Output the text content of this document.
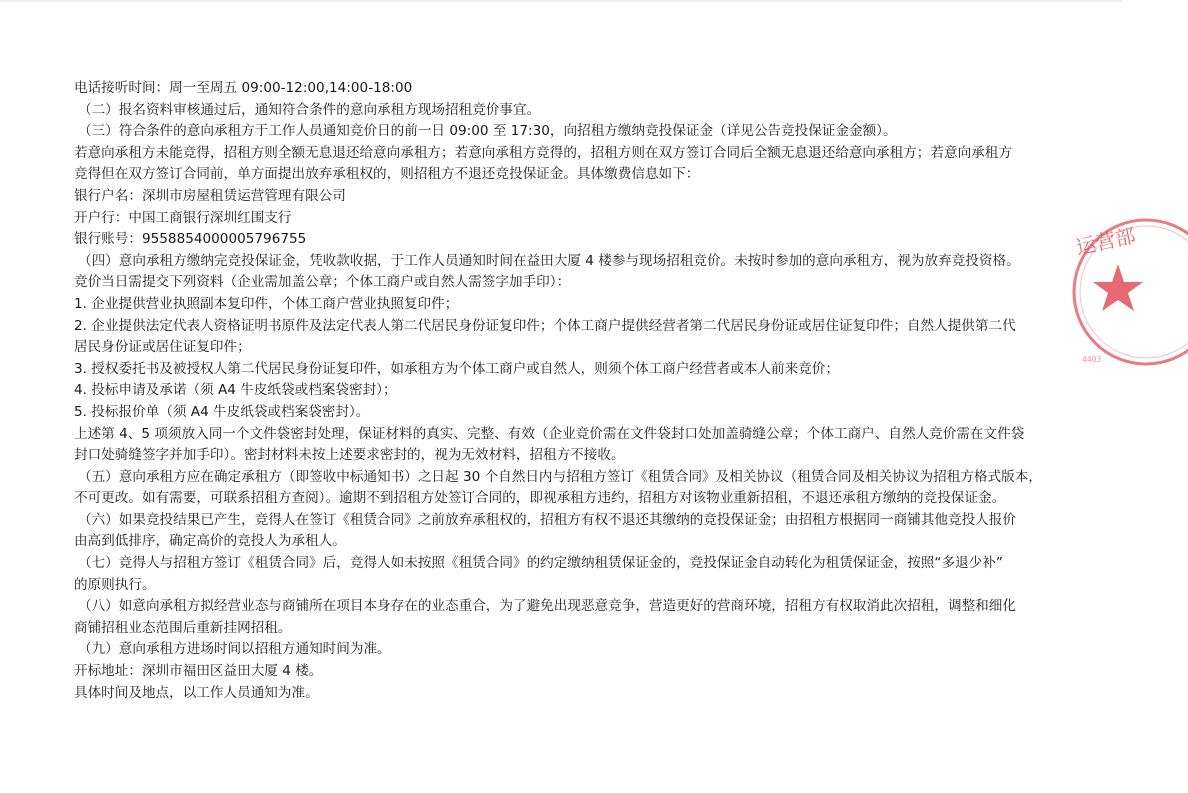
电话接听时间：周一至周五 09:00-12:00,14:00-18:00
（二）报名资料审核通过后，通知符合条件的意向承租方现场招租竞价事宜。
（三）符合条件的意向承租方于工作人员通知竞价日的前一日 09:00 至 17:30，向招租方缴纳竞投保证金（详见公告竞投保证金金额）。
若意向承租方未能竞得，招租方则全额无息退还给意向承租方；若意向承租方竞得的，招租方则在双方签订合同后全额无息退还给意向承租方；若意向承租方
竞得但在双方签订合同前，单方面提出放弃承租权的，则招租方不退还竞投保证金。具体缴费信息如下：
银行户名：深圳市房屋租赁运营管理有限公司
开户行：中国工商银行深圳红围支行
银行账号：9558854000005796755
（四）意向承租方缴纳完竞投保证金，凭收款收据，于工作人员通知时间在益田大厦 4 楼参与现场招租竞价。未按时参加的意向承租方，视为放弃竞投资格。
竞价当日需提交下列资料（企业需加盖公章；个体工商户或自然人需签字加手印）：
1. 企业提供营业执照副本复印件，个体工商户营业执照复印件；
2. 企业提供法定代表人资格证明书原件及法定代表人第二代居民身份证复印件；个体工商户提供经营者第二代居民身份证或居住证复印件；自然人提供第二代
居民身份证或居住证复印件；
3. 授权委托书及被授权人第二代居民身份证复印件，如承租方为个体工商户或自然人，则须个体工商户经营者或本人前来竞价；
4. 投标申请及承诺（须 A4 牛皮纸袋或档案袋密封）；
5. 投标报价单（须 A4 牛皮纸袋或档案袋密封）。
上述第 4、5 项须放入同一个文件袋密封处理，保证材料的真实、完整、有效（企业竞价需在文件袋封口处加盖骑缝公章；个体工商户、自然人竞价需在文件袋
封口处骑缝签字并加手印）。密封材料未按上述要求密封的，视为无效材料，招租方不接收。
（五）意向承租方应在确定承租方（即签收中标通知书）之日起 30 个自然日内与招租方签订《租赁合同》及相关协议（租赁合同及相关协议为招租方格式版本，
不可更改。如有需要，可联系招租方查阅）。逾期不到招租方处签订合同的，即视承租方违约，招租方对该物业重新招租，不退还承租方缴纳的竞投保证金。
（六）如果竞投结果已产生，竞得人在签订《租赁合同》之前放弃承租权的，招租方有权不退还其缴纳的竞投保证金；由招租方根据同一商铺其他竞投人报价
由高到低排序，确定高价的竞投人为承租人。
（七）竞得人与招租方签订《租赁合同》后，竞得人如未按照《租赁合同》的约定缴纳租赁保证金的，竞投保证金自动转化为租赁保证金，按照“多退少补”
的原则执行。
（八）如意向承租方拟经营业态与商铺所在项目本身存在的业态重合，为了避免出现恶意竞争，营造更好的营商环境，招租方有权取消此次招租，调整和细化
商铺招租业态范围后重新挂网招租。
（九）意向承租方进场时间以招租方通知时间为准。
开标地址：深圳市福田区益田大厦 4 楼。
具体时间及地点，以工作人员通知为准。
运营部
4403
